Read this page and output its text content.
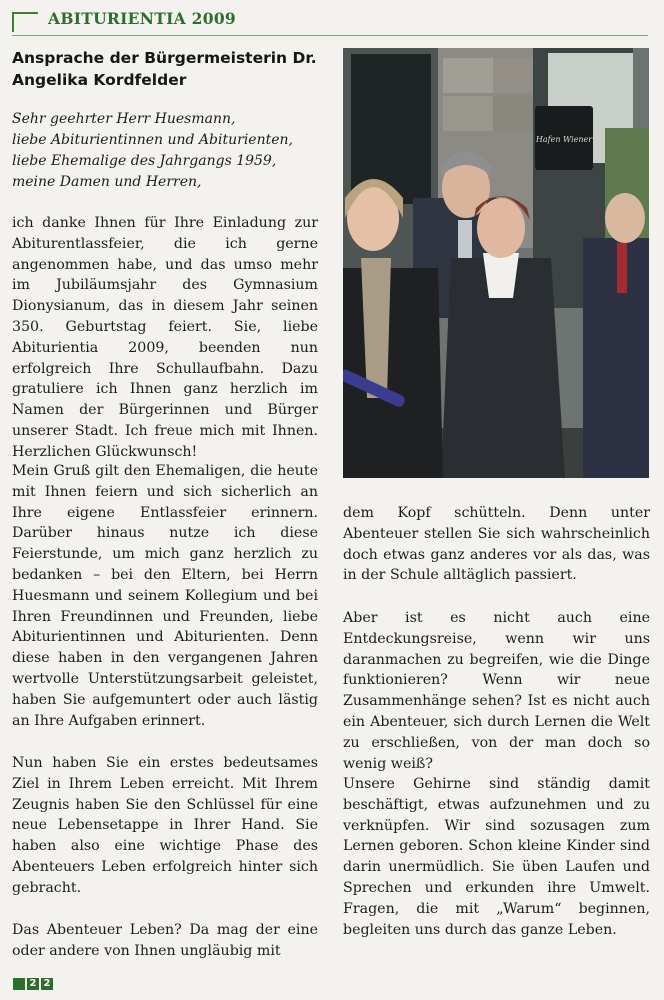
ABITURIENTIA 2009
Ansprache der Bürgermeisterin Dr. Angelika Kordfelder
Sehr geehrter Herr Huesmann,
liebe Abiturientinnen und Abiturienten,
liebe Ehemalige des Jahrgangs 1959,
meine Damen und Herren,

ich danke Ihnen für Ihre Einladung zur Abiturentlassfeier, die ich gerne angenommen habe, und das umso mehr im Jubiläumsjahr des Gymnasium Dionysianum, das in diesem Jahr seinen 350. Geburtstag feiert. Sie, liebe Abiturientia 2009, beenden nun erfolgreich Ihre Schullaufbahn. Dazu gratuliere ich Ihnen ganz herzlich im Namen der Bürgerinnen und Bürger unserer Stadt. Ich freue mich mit Ihnen. Herzlichen Glückwunsch!

Mein Gruß gilt den Ehemaligen, die heute mit Ihnen feiern und sich sicherlich an Ihre eigene Entlassfeier erinnern. Darüber hinaus nutze ich diese Feierstunde, um mich ganz herzlich zu bedanken – bei den Eltern, bei Herrn Huesmann und seinem Kollegium und bei Ihren Freundinnen und Freunden, liebe Abiturientinnen und Abiturienten. Denn diese haben in den vergangenen Jahren wertvolle Unterstützungsarbeit geleistet, haben Sie aufgemuntert oder auch lästig an Ihre Aufgaben erinnert.

Nun haben Sie ein erstes bedeutsames Ziel in Ihrem Leben erreicht. Mit Ihrem Zeugnis haben Sie den Schlüssel für eine neue Lebensetappe in Ihrer Hand. Sie haben also eine wichtige Phase des Abenteuers Leben erfolgreich hinter sich gebracht.

Das Abenteuer Leben? Da mag der eine oder andere von Ihnen ungläubig mit

Hafen Wiener

dem Kopf schütteln. Denn unter Abenteuer stellen Sie sich wahrscheinlich doch etwas ganz anderes vor als das, was in der Schule alltäglich passiert.

Aber ist es nicht auch eine Entdeckungsreise, wenn wir uns daranmachen zu begreifen, wie die Dinge funktionieren? Wenn wir neue Zusammenhänge sehen? Ist es nicht auch ein Abenteuer, sich durch Lernen die Welt zu erschließen, von der man doch so wenig weiß?

Unsere Gehirne sind ständig damit beschäftigt, etwas aufzunehmen und zu verknüpfen. Wir sind sozusagen zum Lernen geboren. Schon kleine Kinder sind darin unermüdlich. Sie üben Laufen und Sprechen und erkunden ihre Umwelt. Fragen, die mit „Warum“ beginnen, begleiten uns durch das ganze Leben.

2 2
